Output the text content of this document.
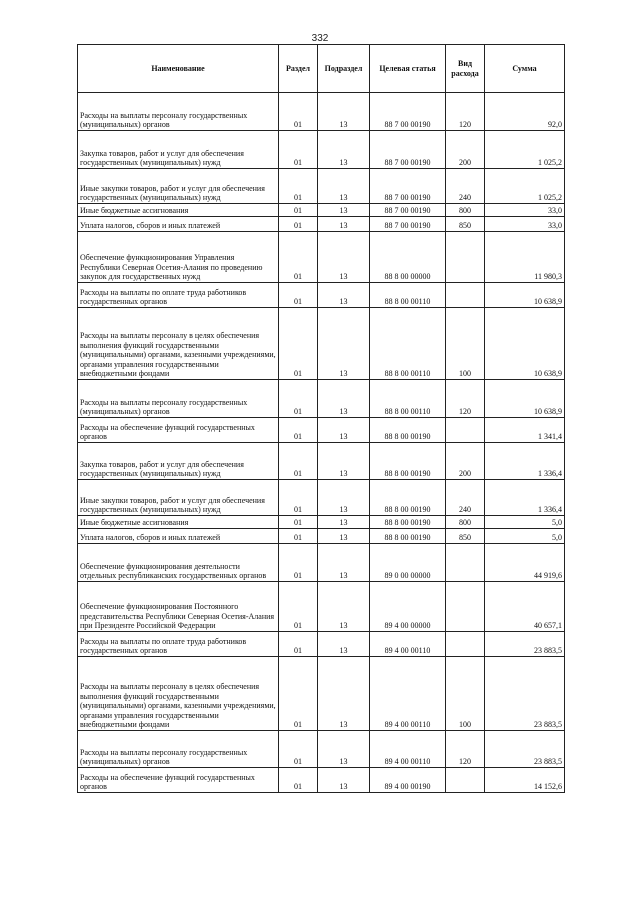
332
Наименование	Раздел	Подраздел	Целевая статья	Вид расхода	Сумма
Расходы на выплаты персоналу государственных (муниципальных) органов	01	13	88 7 00 00190	120	92,0
Закупка товаров, работ и услуг для обеспечения государственных (муниципальных) нужд	01	13	88 7 00 00190	200	1 025,2
Иные закупки товаров, работ и услуг для обеспечения государственных (муниципальных) нужд	01	13	88 7 00 00190	240	1 025,2
Иные бюджетные ассигнования	01	13	88 7 00 00190	800	33,0
Уплата налогов, сборов и иных платежей	01	13	88 7 00 00190	850	33,0
Обеспечение функционирования Управления Республики Северная Осетия-Алания по проведению закупок для государственных нужд	01	13	88 8 00 00000		11 980,3
Расходы на выплаты по оплате труда работников государственных органов	01	13	88 8 00 00110		10 638,9
Расходы на выплаты персоналу в целях обеспечения выполнения функций государственными (муниципальными) органами, казенными учреждениями, органами управления государственными внебюджетными фондами	01	13	88 8 00 00110	100	10 638,9
Расходы на выплаты персоналу государственных (муниципальных) органов	01	13	88 8 00 00110	120	10 638,9
Расходы на обеспечение функций государственных органов	01	13	88 8 00 00190		1 341,4
Закупка товаров, работ и услуг для обеспечения государственных (муниципальных) нужд	01	13	88 8 00 00190	200	1 336,4
Иные закупки товаров, работ и услуг для обеспечения государственных (муниципальных) нужд	01	13	88 8 00 00190	240	1 336,4
Иные бюджетные ассигнования	01	13	88 8 00 00190	800	5,0
Уплата налогов, сборов и иных платежей	01	13	88 8 00 00190	850	5,0
Обеспечение функционирования деятельности отдельных республиканских государственных органов	01	13	89 0 00 00000		44 919,6
Обеспечение функционирования Постоянного представительства Республики Северная Осетия-Алания при Президенте Российской Федерации	01	13	89 4 00 00000		40 657,1
Расходы на выплаты по оплате труда работников государственных органов	01	13	89 4 00 00110		23 883,5
Расходы на выплаты персоналу в целях обеспечения выполнения функций государственными (муниципальными) органами, казенными учреждениями, органами управления государственными внебюджетными фондами	01	13	89 4 00 00110	100	23 883,5
Расходы на выплаты персоналу государственных (муниципальных) органов	01	13	89 4 00 00110	120	23 883,5
Расходы на обеспечение функций государственных органов	01	13	89 4 00 00190		14 152,6
